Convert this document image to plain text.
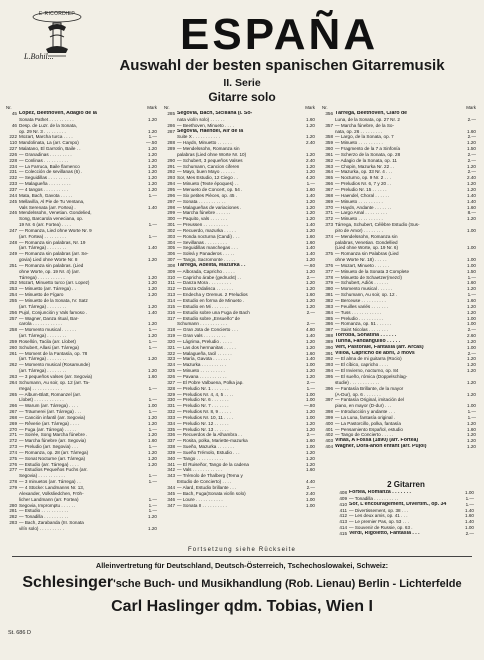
E·RICORDIEP
L.Bohil...	ESPAÑA
Auswahl der besten spanischen Gitarremusik
II. Serie
Gitarre solo
Nr.	Mark
45 Lopez, Beethoven, Adagio de la
Sonata Pathet . . . . . . . . . .	1.20
46 Desp. de Luzr. de la Sonata,
op. 29 Nr. 3 . . . . . . . . .	1.20
222 Mozart, Marcha turca . . . .	1.—
110 Mandolinata, La (arr. Campo)	—.50
227 Malatano, El Garrotín, Baile . .	1.20
226 — Granadinas . . . . . . . . .	1.20
228 — Conlinas . . . . . . . . . .	1.20
234 — La Farruca, Baile flamenco	1.20
231 — Colección de sevillanas (6) .	1.20
232 — Seguidillas . . . . . . . . .	1.20
233 — Malagueña . . . . . . . . .	1.20
237 — 4 tangos . . . . . . . . . .	1.20
244 Mata, Bach, Gavota . . . . .	1.—
245 Mellavilla, Al Pie de Tu Ventana,
Vals Serenata (arr. Fortea) .	1.40
246 Mendelssohn, Venetian. Gondelied,
Song, Barcarola veneciana, op.
19 Nr. 6 (arr. Fortea) . . . .	1.—
247 — Romanza, Lied ohne Worte Nr. 9
(arr. Fortea) . . . . . . . . .	1.—
248 — Romanza sin palabras, Nr. 19
(arr. Tárrega) . . . . . . . .	1.40
249 — Romanza sin palabras (arr. Se-
govia) Lied ohne Worte Nr. 8	1.20
251 — Romanza sin palabras. (Lied
ohne Worte, op. 19 Nr. 4) (arr.
Tárrega) . . . . . . . . . . .	1.20
252 Mozart, Minuetto turco (arr. Lopez)	1.20
253 — Minuetto (arr. Tárrega) . .	1.20
254 — Minuetto de Fígaro	1.20
255 — Minuetto de la Sonata, IV. Satz
(arr. Tárrega) . . . . . . . .	1.20
256 Pujol, Conjunción y Vals famoso .	1.40
257 — Wagner, Danza ritual, Bar-
carola . . . . . . . . . . . .	1.20
258 — Momento musical . . . . . .	1.—
(arr. Tárrega) . . . . . . . .	1.20
259 Rosellón, Tacila (arr. Llobet)	1.—
260 Schubert, Allasi (arr. Tárrega)	1.—
261 — Moment de la Fantasía, op. 78
(arr. Tárrega) . . . . . . . .	1.20
262 — Momento musical (Rosamunde)
(arr. Tárrega) . . . . . . . .	1.20
263 — 3 pequeños valses (arr. Segovia)	1.60
264 Schumann, Au soir, op. 12 (arr. Ta-
rrega) . . . . . . . . . . . .	1.—
265 — Album-Blatt, Romanzel (arr.
Llobet) . . . . . . . . . . . .	1.—
266 — Warum (arr. Tárrega) . . . .	1.00
267 — Träumerei (arr. Tárrega) . . .	1.—
268 — Canción infantil (arr. Segovia)	1.20
269 — Rêverie (arr. Tárrega) . . . .	1.20
270 — Fuga (arr. Tárrega) . . . . .	1.—
271 — Soirée, Song Marcha fúnebre .	1.20
272 — Marcha fúnebre (arr. Segovia)	1.60
273 — Preludio (arr. Segovia) . . .	1.—
274 — Romanza, op. 28 (arr. Tárrega)	1.20
275 — Sonat Nocturne (arr. Tárrega)	1.20
276 — Estudio (arr. Tárrega) . . . .	1.20
277 — Estudios Pequeños Fuchs (arr.
Segovia) . . . . . . . . . . .	1.—
278 — 3 minuetos (arr. Tárrega) . .	1.—
279 — 4 Stücke: Landmanns Nr. 13,
Alexander, Volksliedchen, Fröh-
licher Landmann (arr. Fortea)	1.—
280 Segovia, Impromptu . . . . . .	1.—
281 — Estudio . . . . . . . . . . .	1.—
282 — Tonadilla . . . . . . . . . .	1.20
283 — Bach, Zarabanda (III. Sonata
vilín solo) . . . . . . . . . .	1.20
Nr.	Mark
285 Segovia, Bach, Siciliana (I. So-
nata violín solo) . . . . . .	1.60
286 — Beethoven, Minueto . . . .	1.20
287 Segovia, Haendel, Air de la
Suite X . . . . . . . . . . .	1.20
288 — Haydn, Minuetto . . . . . .	2.40
289 — Mendelssohn, Romanza sin
palabras (Lied ohne Worte Nr. 10)	1.20
290 — Schubert, 3 pequeños Valses	2.40
291 — Schumann, Cancion ciferen	1.20
292 — Mayo, buen Mayo . . . . . .	1.20
293 Sor, Mes Estudio, 12 Ciego . .	4.20
294 — Minueto (Texte époques) . .	1.—
295 — Menueto de Concert, op. 54 .	1.60
296 — Six petites Pièces, op. 45 .	1.40
297 — Sonata . . . . . . . . . . .	1.20
298 — Malagueñas de variaciones .	1.20
299 — Marcha fúnebre . . . . . .	1.20
300 — Paquito, vals . . . . . . .	1.20
301 — Preussen . . . . . . . . . .	1.40
302 — Recuerdo, mazurka . . . . .	1.20
303 — Ronda nocturna (Candi) . . .	1.60
304 — Sevillanas . . . . . . . . .	1.60
305 — Seguidillas manchegas . . .	1.40
306 — Soleá y Panaderos . . . . .	1.40
307 — Tango, Sacromonte . . . . .	1.20
308 Tárrega, Adelita, Mazurka . .	—.60
309 — Alborada, Capricho . . . . .	1.20
310 — Capricho árabe (gedruckt) . .	2.—
311 — Danza Mora . . . . . . . . .	1.20
312 — Danza Odalisca . . . . . . .	1.20
313 — Endecha y Oremus. 2 Preludios	1.60
314 — Estudio en forma de Minueto .	1.20
315 — Estudio en Mi . . . . . . .	1.20
316 — Estudio sobre una Fuga de Bach	2.—
317 — Estudio sobre „Ensueño" de
Schumann . . . . . . . . . . .	2.—
318 — Gran Jota de Concierto . . .	4.80
319 — Gran vals . . . . . . . . .	1.40
320 — Lágrima, Preludio . . . . .	1.20
321 — Las dos hermanitas . . . . .	1.20
322 — Malagueña, tacil . . . . . .	1.60
323 — María, Gavota . . . . . . .	1.40
324 — Mazurka . . . . . . . . . .	1.00
325 — Minueto . . . . . . . . . .	1.20
326 — Pavana . . . . . . . . . . .	1.20
327 — El Pobre Valbuena, Polka jap.	2.—
328 — Preludio Nr. 1 . . . . . . .	1.—
329 — Preludios Nr. 4, 4, 5 . . . .	1.00
330 — Preludio Nr. 6 . . . . . . .	1.00
331 — Preludio Nr. 7 . . . . . . .	—.80
332 — Preludios Nr. 8, 9 . . . . .	1.20
333 — Preludios Nr. 10, 11 . . . .	1.00
334 — Preludio Nr. 12 . . . . . .	1.20
335 — Preludio Nr. 13 . . . . . .	1.20
336 — Recuerdos de la Alhambra . .	2.—
337 — Rosita, polka, Mariette-mazurka	1.60
338 — Sueño, Mazurka . . . . . . .	1.00
339 — Sueño Trémolo, Estudio . . .	1.20
340 — Tango . . . . . . . . . . .	1.20
341 — El Ruiseñor, Tango de la cadena	1.20
342 — Vals . . . . . . . . . . . .	1.60
343 — Trémolo de Thalberg (Tema y
Estudio de Concierto) . . . .	4.40
344 — Alard, Estudio brillante . . .	2.—
345 — Bach, Fuga(Sonata violín solo)	2.40
346 — Loure . . . . . . . . . . .	1.00
347 — Sonata II . . . . . . . . . .	1.00
Nr.	Mark
356 Tárrega, Beethoven, Claro de
Luna, de la Sonata, op. 27 Nr. 2	2.—
357 — Marcha fúnebre, de la So-
nata, op. 26 . . . . . . . . .	1.60
358 — Largo, de la Sonata, op. 7	2.—
359 — Minueto . . . . . . . . . .	1.20
360 — Fragmento de la 7 a Sinfonía	1.50
361 — Scherzo de la Sonata, op. 28	2.—
362 — Adagio de la Sonata, op. 11	2.—
363 — Chopin, Mazurka Nr. 22 . .	1.20
364 — Mazurka, op. 33 Nr. 4 . . .	2.—
365 — Nocturno, op. 9 Nr. 2 . . .	2.40
366 — Preludios Nr. 6, 7 y 20 . .	1.20
367 — Preludio Nr. 15 . . . . . .	1.20
368 — Haendel, Choral . . . . . .	1.40
369 — Minueto . . . . . . . . . .	1.40
370 — Haydn, Andante . . . . . . .	1.60
371 — Largo Amal . . . . . . . . .	8.—
372 — Minueto . . . . . . . . . .	1.20
373 Tárrega, Schubert, Célèbre Estudio (Sus-
piro de Amor) . . . . . . . .	1.00
374 — Mendelssohn, Romanza sin
palabras, Venetian. Gondellied
(Lied ohne Worte, op. 19 Nr. 6)	1.00
375 — Romanza sin Palabras (Lied
ohne Worte Nr. 18) . . . . .	1.00
376 — Mozart, Minueto . . . . . .	1.00
377 — Minueto de la Sonata 3 Complete	1.50
378 — Minuetto de Schaetzer(mezcl)	1.—
379 — Schubert, Adiós . . . . . .	1.60
380 — Momento musical . . . . . .	1.20
381 — Schumann, Au soir, op. 12 .	1.—
382 — Berceuse . . . . . . . . . .	1.60
383 — Feuilles variés . . . . . . .	1.20
384 — Tuss . . . . . . . . . . . .	1.20
385 — Preludio . . . . . . . . . .	1.00
386 — Romanza, op. 51 . . . . . .	1.00
387 — Saint Nicolas . . . . . . . .	2.—
388 Torroba, Sonatina . . . . . .	2.60
389 Turina, Fandanguillo . . . . .	1.20
390 Vert, Pastorale, Fantasia (arr. Arcas)	1.00
391 Villoa, Capricho de abril, 3 movs	2.—
392 — El alma de mi guitarra (Rocio)	1.20
393 — El cíbico, capricho . . . .	1.20
394 — El Invierno, nocturno, op. 84	1.20
395 — El sueño, rómica (Doppelschlag-
studie) . . . . . . . . . . . .	1.20
396 — Fantasía Brillante, de la mayor
(A-Dur), op. 6 . . . . . . .	1.20
397 — Fantasía Original, imitación del
piano, en mayor (D-dur) . . .	1.00
398 — Introducción y andante . . .	1.—
399 — La Luna, fantasía original .	1.—
400 — La Pastorcillo, polka, fantasía	1.20
401 — Pensamiento Español, estudio	1.60
402 — Tango de Concierto . . . . .	1.20
403 Viñas, A Fossa (1890) (arr. Fortea)	1.20
404 Wagner, Dora-anon enfant (arr. Pujol)	1.20
2 Gitarren
408 Fortea, Romanza . . . . . . .	1.00
409 — Tonadilla . . . . . . . . . .	1.—
410 Sor, L'encouragement, Divertim., op. 34	1.—
411 — Divertissement, op. 38 . . .	1.40
412 — Les deux amis, op. 41 . . .	1.60
413 — Le premier Pas, op. 53 . . .	1.40
414 — Souvenir de Russie, op. 63 .	1.00
415 Verdi, Rigoletto, Fantasia . . .	2.—
Fortsetzung siehe Rückseite
Alleinvertretung für Deutschland, Deutsch-Österreich, Tschechoslowakei, Schweiz:
Schlesinger'sche Buch- und Musikhandlung (Rob. Lienau) Berlin - Lichterfelde
Carl Haslinger qdm. Tobias, Wien I
St. 686 D
